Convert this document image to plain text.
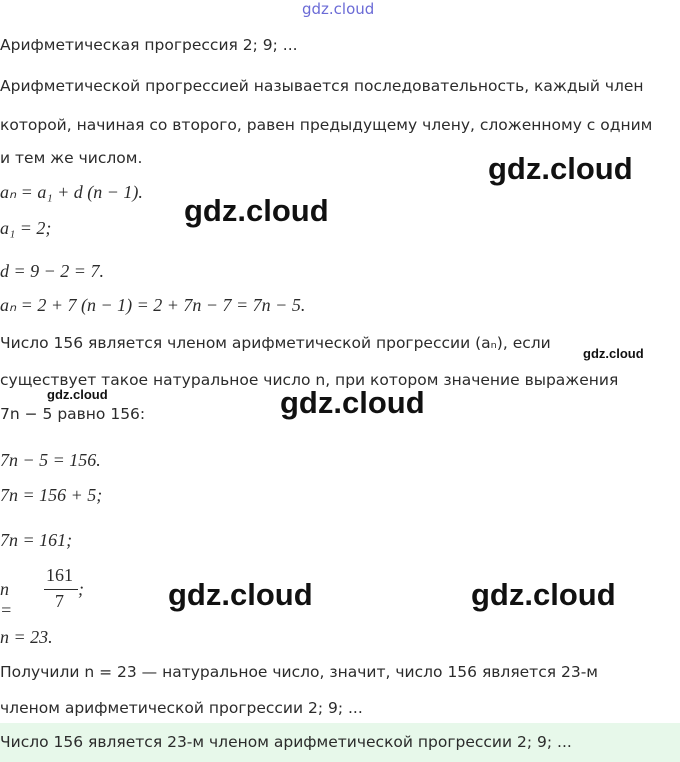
gdz.cloud
Арифметическая прогрессия 2; 9; ...
Арифметической прогрессией называется последовательность, каждый член
которой, начиная со второго, равен предыдущему члену, сложенному с одним
и тем же числом.
aₙ = a₁ + d (n − 1).
a₁ = 2;
d = 9 − 2 = 7.
aₙ = 2 + 7 (n − 1) = 2 + 7n − 7 = 7n − 5.
Число 156 является членом арифметической прогрессии (aₙ), если
существует такое натуральное число n, при котором значение выражения
7n − 5 равно 156:
7n − 5 = 156.
7n = 156 + 5;
7n = 161;
n =
161
7
;
n = 23.
Получили n = 23 — натуральное число, значит, число 156 является 23-м
членом арифметической прогрессии 2; 9; ...
Число 156 является 23-м членом арифметической прогрессии 2; 9; ...
gdz.cloud
gdz.cloud
gdz.cloud
gdz.cloud	gdz.cloud
gdz.cloud	gdz.cloud
